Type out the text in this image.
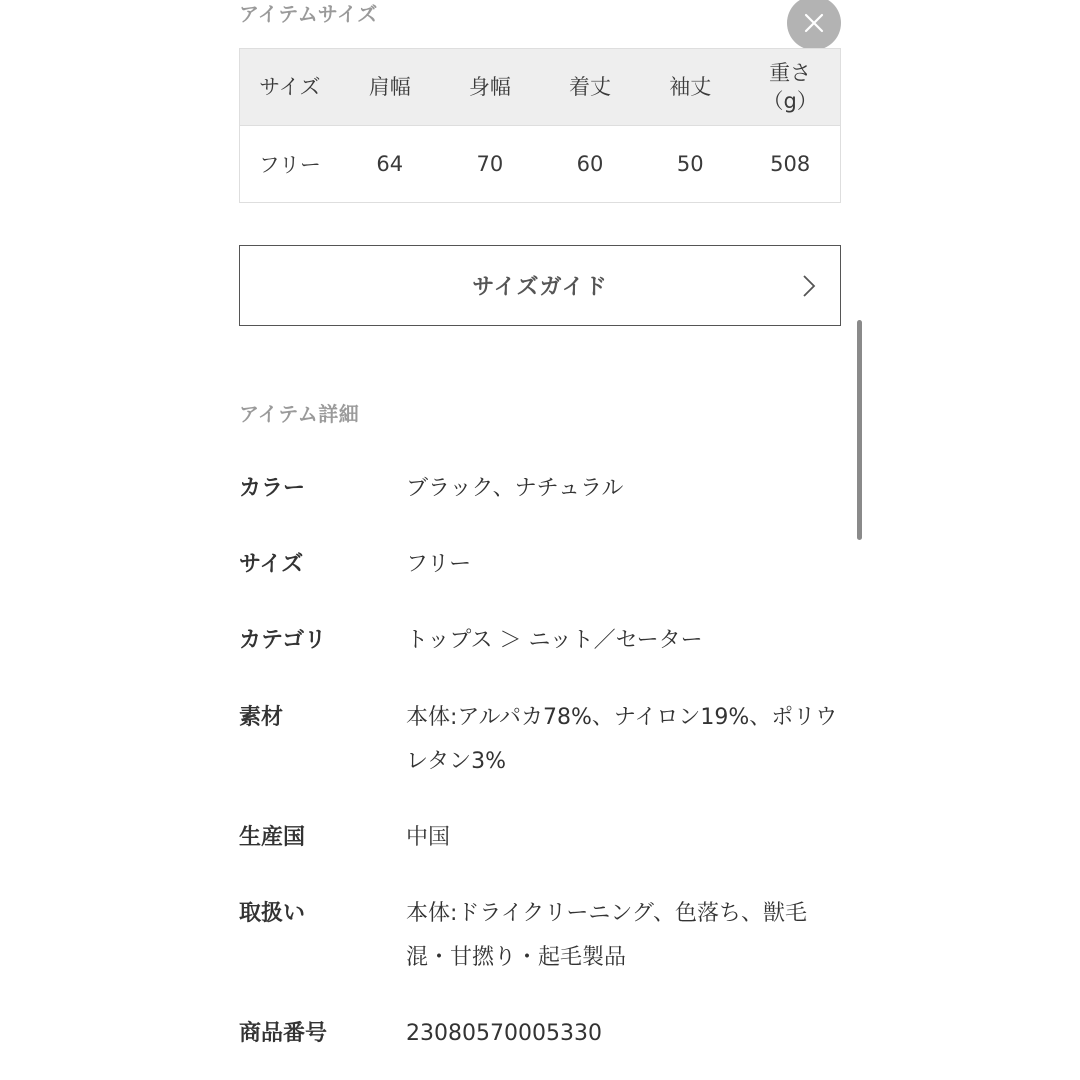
アイテムサイズ
サイズ	肩幅	身幅	着丈	袖丈	重さ（g）
フリー	64	70	60	50	508
サイズガイド
アイテム詳細
カラー	ブラック、ナチュラル
サイズ	フリー
カテゴリ	トップス ＞ ニット／セーター
素材	本体:アルパカ78%、ナイロン19%、ポリウレタン3%
生産国	中国
取扱い	本体:ドライクリーニング、色落ち、獣毛混・甘撚り・起毛製品
商品番号	23080570005330
